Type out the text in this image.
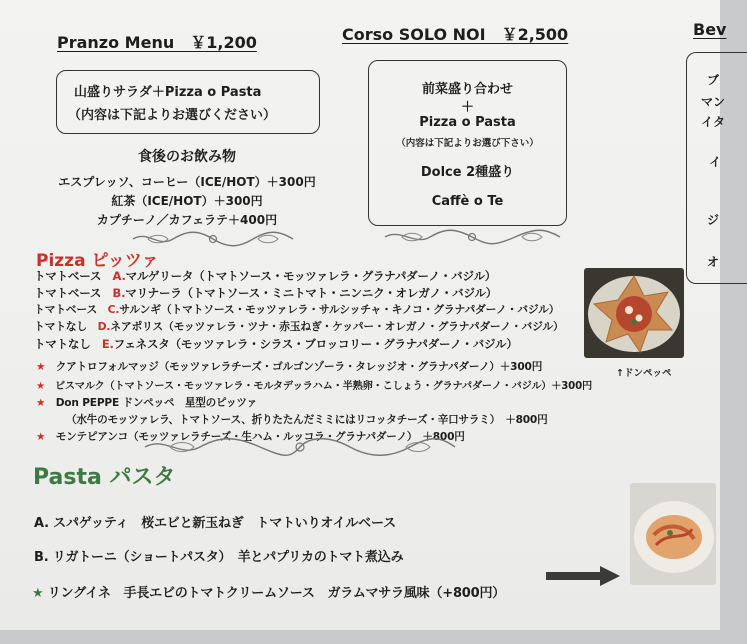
Pranzo Menu　￥1,200	Corso SOLO NOI　￥2,500	Bev
山盛りサラダ＋Pizza o Pasta
（内容は下記よりお選びください）
食後のお飲み物
エスプレッソ、コーヒー（ICE/HOT）＋300円
紅茶（ICE/HOT）＋300円
カプチーノ／カフェラテ＋400円
前菜盛り合わせ
＋
Pizza o Pasta
（内容は下記よりお選び下さい）
Dolce 2種盛り
Caffè o Te
ブ
マン
イタ
イ
ジ
オ
Pizza ピッツァ
トマトベース　 A.マルゲリータ（トマトソース・モッツァレラ・グラナパダーノ・バジル）
トマトベース　 B.マリナーラ（トマトソース・ミニトマト・ニンニク・オレガノ・バジル）
トマトベース　 C.サルンギ（トマトソース・モッツァレラ・サルシッチャ・キノコ・グラナパダーノ・バジル）
トマトなし　 D.ネアポリス（モッツァレラ・ツナ・赤玉ねぎ・ケッパー・オレガノ・グラナパダーノ・バジル）
トマトなし　 E.フェネスタ（モッツァレラ・シラス・ブロッコリー・グラナパダーノ・バジル）
★　 クアトロフォルマッジ（モッツァレラチーズ・ゴルゴンゾーラ・タレッジオ・グラナパダーノ）＋300円
★　 ビスマルク（トマトソース・モッツァレラ・モルタデッラハム・半熟卵・こしょう・グラナパダーノ・バジル）＋300円
★　 Don PEPPE ドンペッペ　星型のピッツァ
（水牛のモッツァレラ、トマトソース、折りたたんだミミにはリコッタチーズ・辛口サラミ）　＋800円
★　 モンテピアンコ（モッツァレラチーズ・生ハム・ルッコラ・グラナパダーノ）　＋800円
↑ドンペッペ
Pasta パスタ
A. スパゲッティ　桜エビと新玉ねぎ　トマトいりオイルベース
B. リガトーニ（ショートパスタ）　羊とパプリカのトマト煮込み
★ リングイネ　手長エビのトマトクリームソース　ガラムマサラ風味（+800円）
